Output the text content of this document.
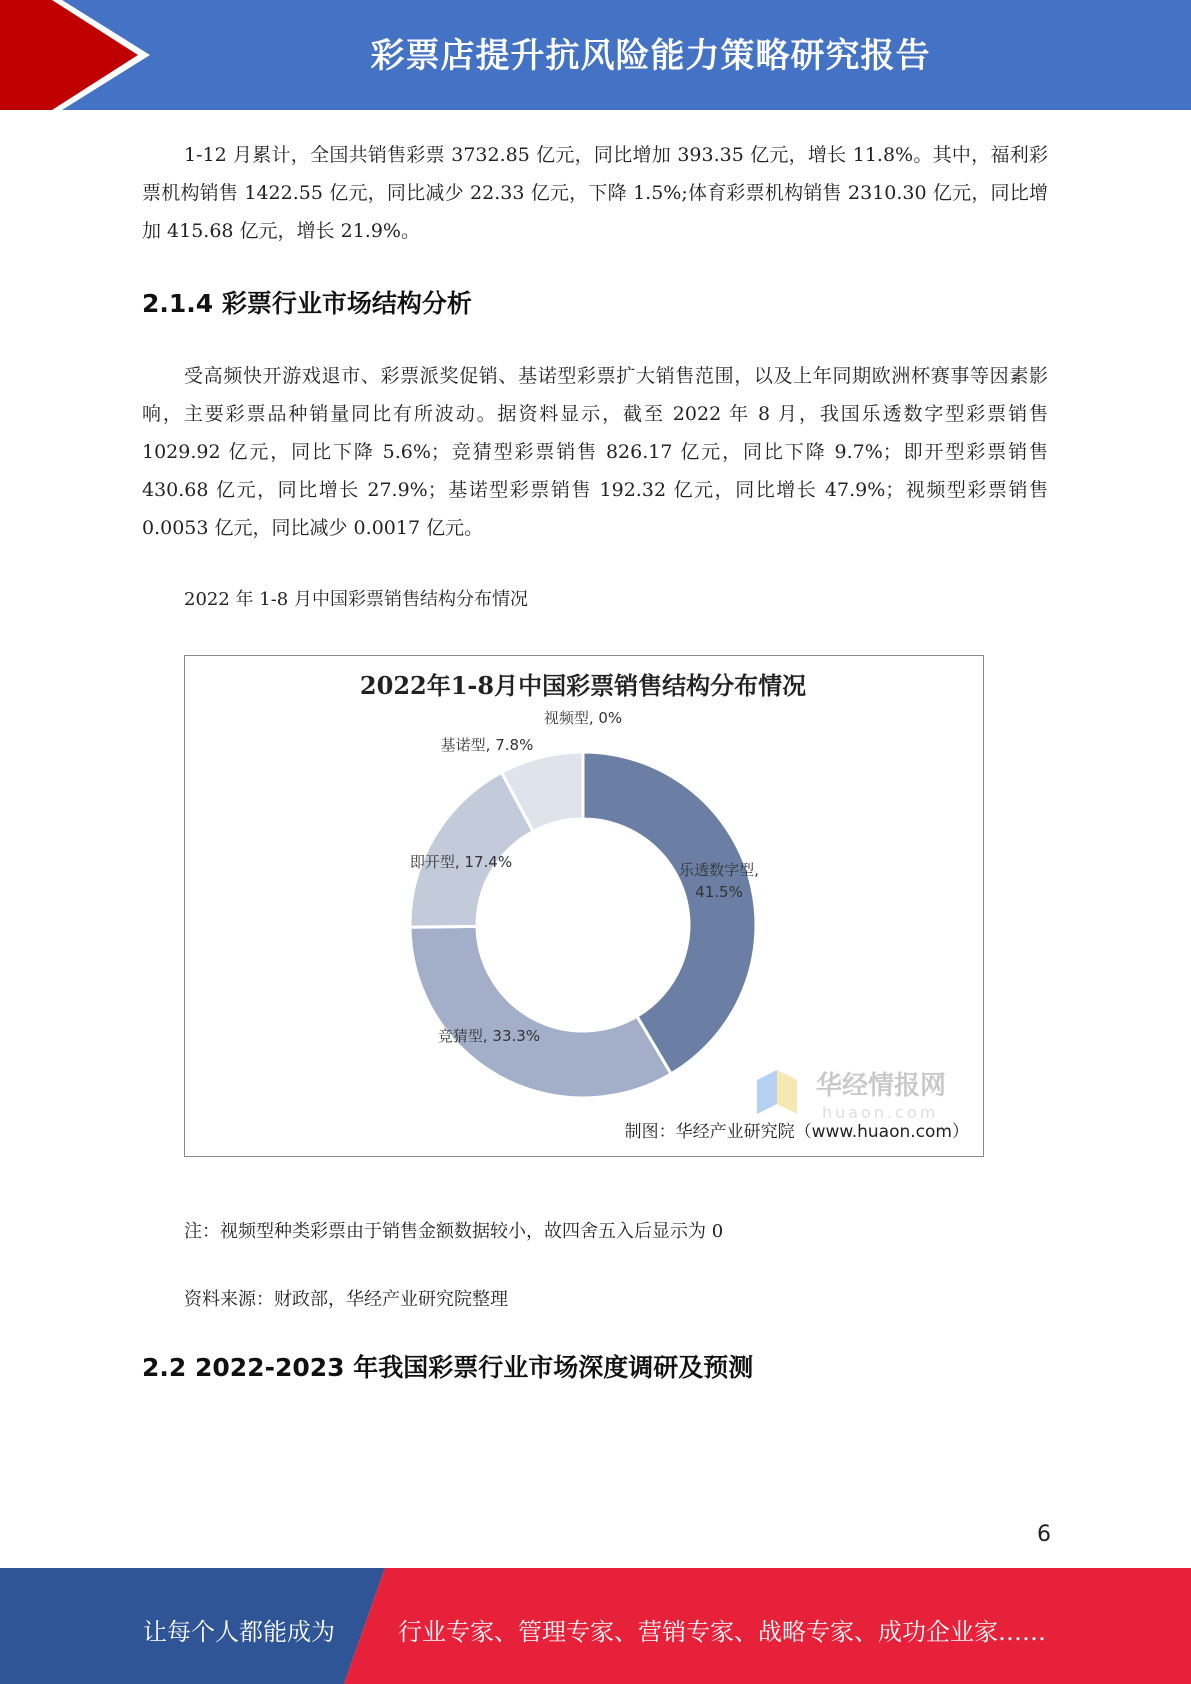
彩票店提升抗风险能力策略研究报告

1-12 月累计，全国共销售彩票 3732.85 亿元，同比增加 393.35 亿元，增长 11.8%。其中，福利彩票机构销售 1422.55 亿元，同比减少 22.33 亿元，下降 1.5%;体育彩票机构销售 2310.30 亿元，同比增加 415.68 亿元，增长 21.9%。

2.1.4 彩票行业市场结构分析

受高频快开游戏退市、彩票派奖促销、基诺型彩票扩大销售范围，以及上年同期欧洲杯赛事等因素影响，主要彩票品种销量同比有所波动。据资料显示，截至 2022 年 8 月，我国乐透数字型彩票销售 1029.92 亿元，同比下降 5.6%；竞猜型彩票销售 826.17 亿元，同比下降 9.7%；即开型彩票销售 430.68 亿元，同比增长 27.9%；基诺型彩票销售 192.32 亿元，同比增长 47.9%；视频型彩票销售 0.0053 亿元，同比减少 0.0017 亿元。

2022 年 1-8 月中国彩票销售结构分布情况
2022年1-8月中国彩票销售结构分布情况
视频型, 0%
基诺型, 7.8%
即开型, 17.4%	乐透数字型,
41.5%
竞猜型, 33.3%
华经情报网
huaon.com
制图：华经产业研究院（www.huaon.com）
注：视频型种类彩票由于销售金额数据较小，故四舍五入后显示为 0
资料来源：财政部，华经产业研究院整理
2.2 2022-2023 年我国彩票行业市场深度调研及预测
6
让每个人都能成为	行业专家、管理专家、营销专家、战略专家、成功企业家……
